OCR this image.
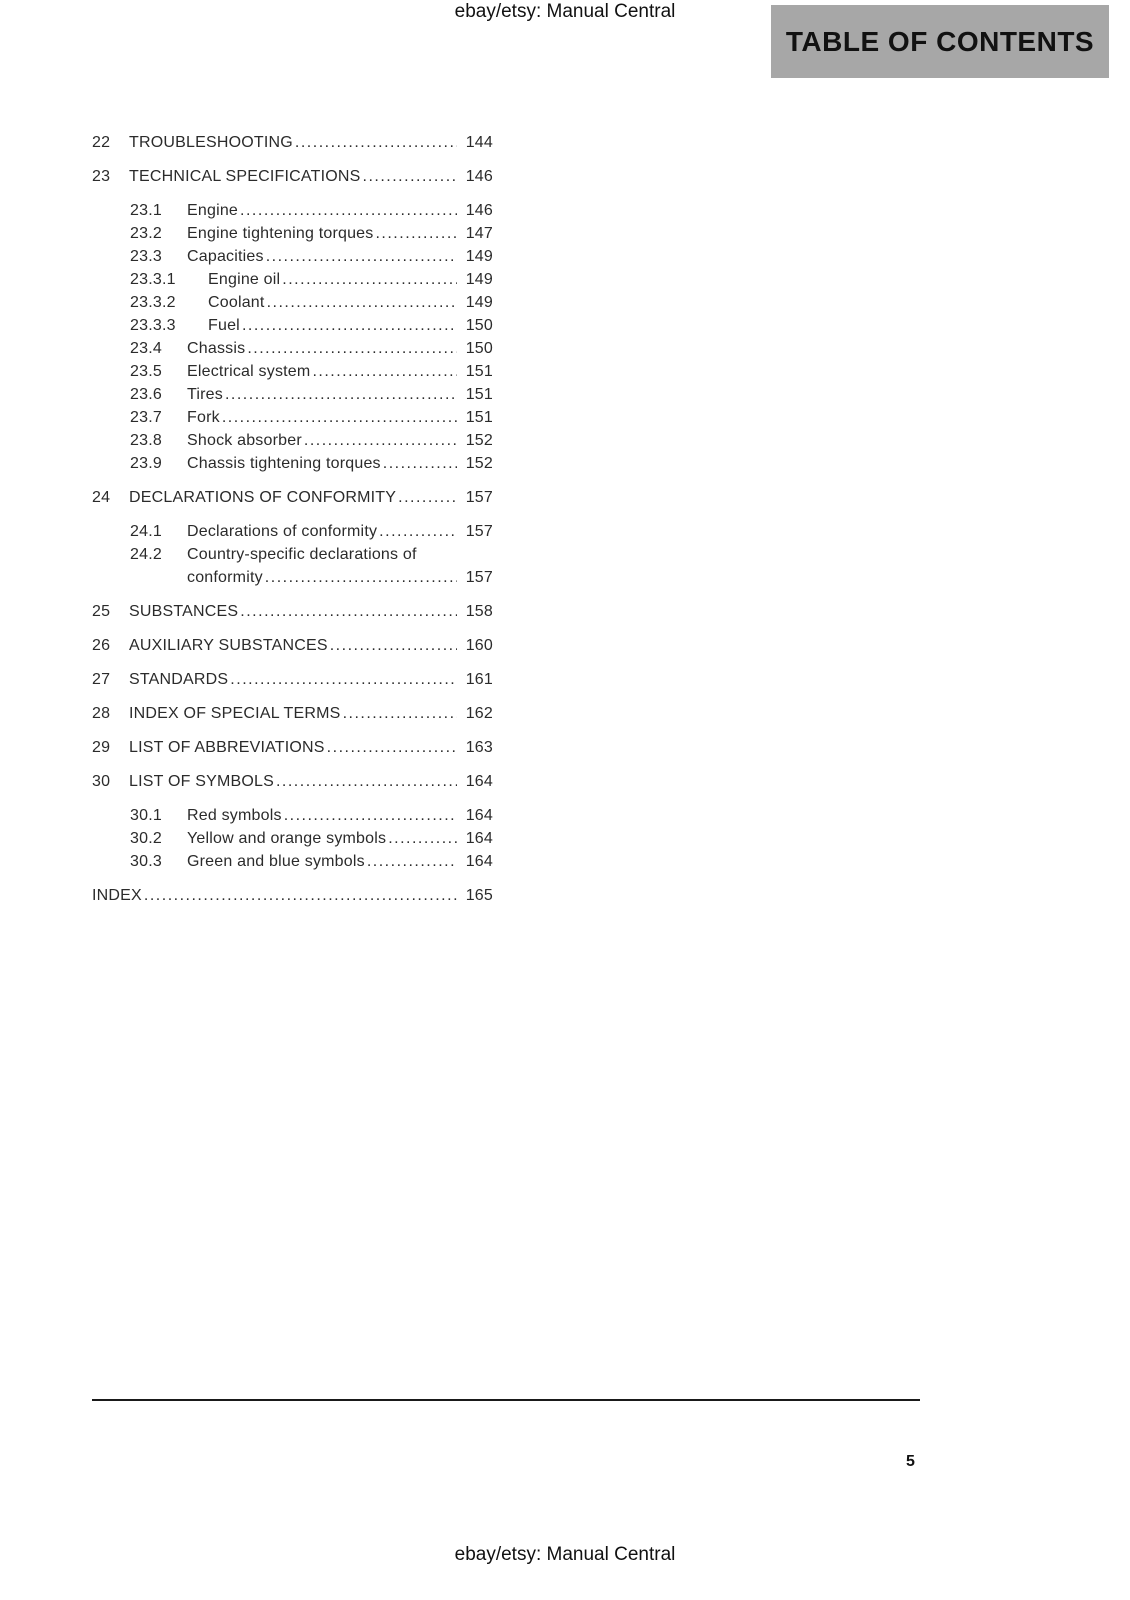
ebay/etsy: Manual Central
TABLE OF CONTENTS
22	TROUBLESHOOTING .....	144
23	TECHNICAL SPECIFICATIONS .....	146
23.1	Engine .....	146
23.2	Engine tightening torques .....	147
23.3	Capacities .....	149
23.3.1	Engine oil .....	149
23.3.2	Coolant .....	149
23.3.3	Fuel .....	150
23.4	Chassis .....	150
23.5	Electrical system .....	151
23.6	Tires .....	151
23.7	Fork .....	151
23.8	Shock absorber .....	152
23.9	Chassis tightening torques .....	152
24	DECLARATIONS OF CONFORMITY .....	157
24.1	Declarations of conformity .....	157
24.2	Country-specific declarations of
conformity .....	157
25	SUBSTANCES .....	158
26	AUXILIARY SUBSTANCES .....	160
27	STANDARDS .....	161
28	INDEX OF SPECIAL TERMS .....	162
29	LIST OF ABBREVIATIONS .....	163
30	LIST OF SYMBOLS .....	164
30.1	Red symbols .....	164
30.2	Yellow and orange symbols .....	164
30.3	Green and blue symbols .....	164
INDEX .....	165
5
ebay/etsy: Manual Central
